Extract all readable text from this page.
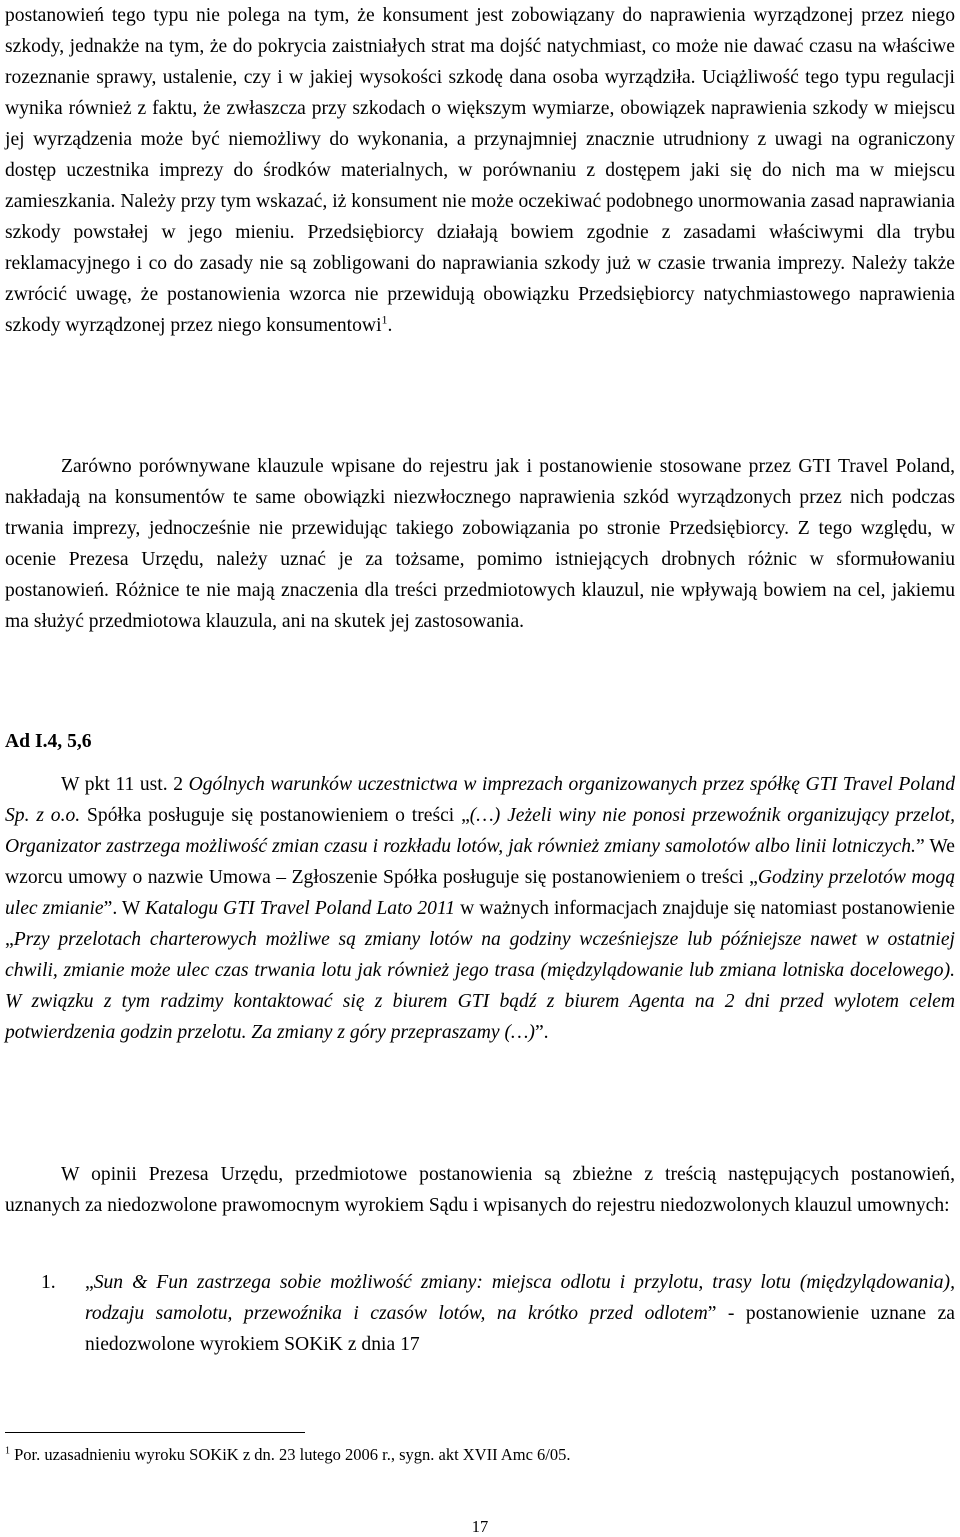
postanowień tego typu nie polega na tym, że konsument jest zobowiązany do naprawienia wyrządzonej przez niego szkody, jednakże na tym, że do pokrycia zaistniałych strat ma dojść natychmiast, co może nie dawać czasu na właściwe rozeznanie sprawy, ustalenie, czy i w jakiej wysokości szkodę dana osoba wyrządziła. Uciążliwość tego typu regulacji wynika również z faktu, że zwłaszcza przy szkodach o większym wymiarze, obowiązek naprawienia szkody w miejscu jej wyrządzenia może być niemożliwy do wykonania, a przynajmniej znacznie utrudniony z uwagi na ograniczony dostęp uczestnika imprezy do środków materialnych, w porównaniu z dostępem jaki się do nich ma w miejscu zamieszkania. Należy przy tym wskazać, iż konsument nie może oczekiwać podobnego unormowania zasad naprawiania szkody powstałej w jego mieniu. Przedsiębiorcy działają bowiem zgodnie z zasadami właściwymi dla trybu reklamacyjnego i co do zasady nie są zobligowani do naprawiania szkody już w czasie trwania imprezy. Należy także zwrócić uwagę, że postanowienia wzorca nie przewidują obowiązku Przedsiębiorcy natychmiastowego naprawienia szkody wyrządzonej przez niego konsumentowi$^1$.

Zarówno porównywane klauzule wpisane do rejestru jak i postanowienie stosowane przez GTI Travel Poland, nakładają na konsumentów te same obowiązki niezwłocznego naprawienia szkód wyrządzonych przez nich podczas trwania imprezy, jednocześnie nie przewidując takiego zobowiązania po stronie Przedsiębiorcy. Z tego względu, w ocenie Prezesa Urzędu, należy uznać je za tożsame, pomimo istniejących drobnych różnic w sformułowaniu postanowień. Różnice te nie mają znaczenia dla treści przedmiotowych klauzul, nie wpływają bowiem na cel, jakiemu ma służyć przedmiotowa klauzula, ani na skutek jej zastosowania.

Ad I.4, 5,6

W pkt 11 ust. 2 Ogólnych warunków uczestnictwa w imprezach organizowanych przez spółkę GTI Travel Poland Sp. z o.o. Spółka posługuje się postanowieniem o treści „(…) Jeżeli winy nie ponosi przewoźnik organizujący przelot, Organizator zastrzega możliwość zmian czasu i rozkładu lotów, jak również zmiany samolotów albo linii lotniczych.” We wzorcu umowy o nazwie Umowa – Zgłoszenie Spółka posługuje się postanowieniem o treści „Godziny przelotów mogą ulec zmianie”. W Katalogu GTI Travel Poland Lato 2011 w ważnych informacjach znajduje się natomiast postanowienie „Przy przelotach charterowych możliwe są zmiany lotów na godziny wcześniejsze lub późniejsze nawet w ostatniej chwili, zmianie może ulec czas trwania lotu jak również jego trasa (międzylądowanie lub zmiana lotniska docelowego). W związku z tym radzimy kontaktować się z biurem GTI bądź z biurem Agenta na 2 dni przed wylotem celem potwierdzenia godzin przelotu. Za zmiany z góry przepraszamy (…)”.

W opinii Prezesa Urzędu, przedmiotowe postanowienia są zbieżne z treścią następujących postanowień, uznanych za niedozwolone prawomocnym wyrokiem Sądu i wpisanych do rejestru niedozwolonych klauzul umownych:

1.	„Sun & Fun zastrzega sobie możliwość zmiany: miejsca odlotu i przylotu, trasy lotu (międzylądowania), rodzaju samolotu, przewoźnika i czasów lotów, na krótko przed odlotem” - postanowienie uznane za niedozwolone wyrokiem SOKiK z dnia 17

$^1$ Por. uzasadnieniu wyroku SOKiK z dn. 23 lutego 2006 r., sygn. akt XVII Amc 6/05.

17
